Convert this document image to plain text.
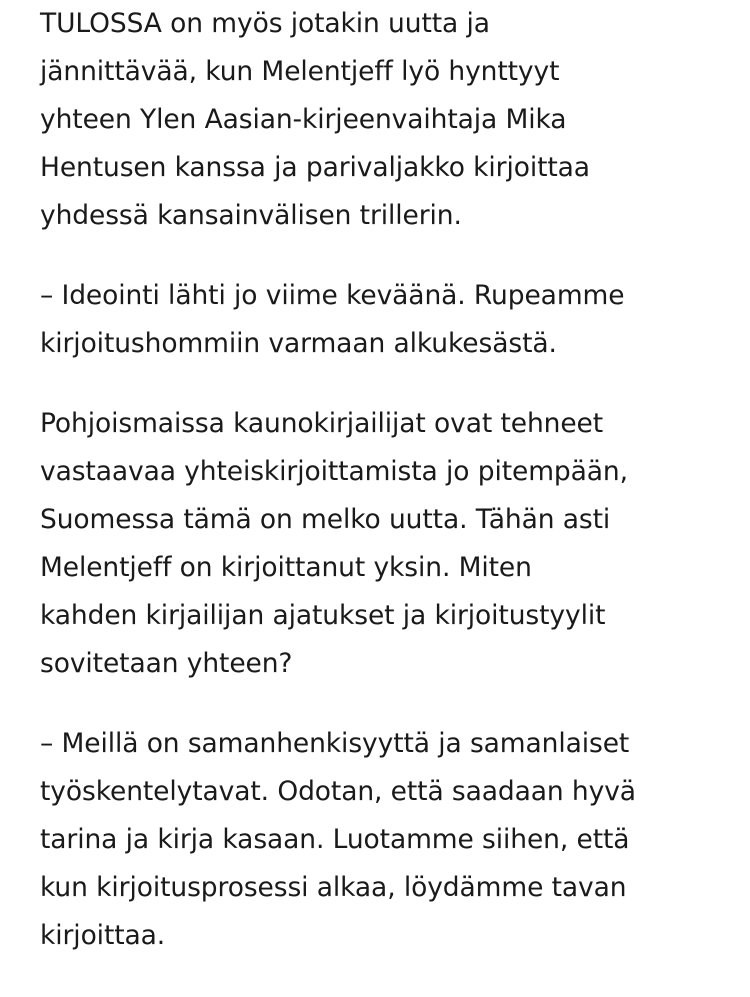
TULOSSA on myös jotakin uutta ja
jännittävää, kun Melentjeff lyö hynttyyt
yhteen Ylen Aasian-kirjeenvaihtaja Mika
Hentusen kanssa ja parivaljakko kirjoittaa
yhdessä kansainvälisen trillerin.

– Ideointi lähti jo viime keväänä. Rupeamme
kirjoitushommiin varmaan alkukesästä.

Pohjoismaissa kaunokirjailijat ovat tehneet
vastaavaa yhteiskirjoittamista jo pitempään,
Suomessa tämä on melko uutta. Tähän asti
Melentjeff on kirjoittanut yksin. Miten
kahden kirjailijan ajatukset ja kirjoitustyylit
sovitetaan yhteen?

– Meillä on samanhenkisyyttä ja samanlaiset
työskentelytavat. Odotan, että saadaan hyvä
tarina ja kirja kasaan. Luotamme siihen, että
kun kirjoitusprosessi alkaa, löydämme tavan
kirjoittaa.
